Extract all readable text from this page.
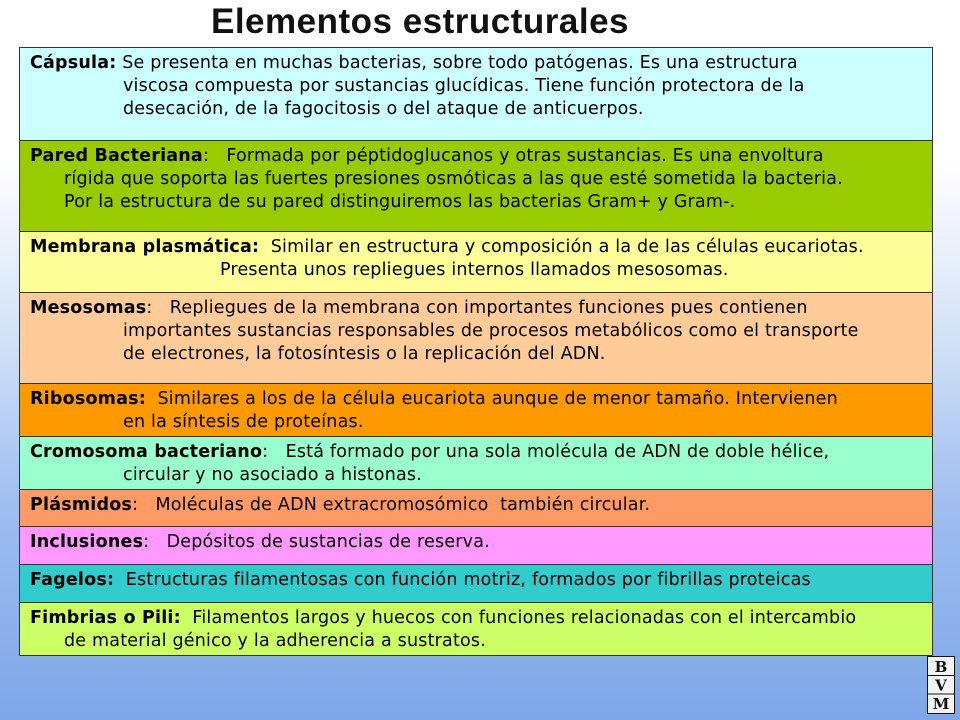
Elementos estructurales
Cápsula: Se presenta en muchas bacterias, sobre todo patógenas. Es una estructura
viscosa compuesta por sustancias glucídicas. Tiene función protectora de la
desecación, de la fagocitosis o del ataque de anticuerpos.
Pared Bacteriana:   Formada por péptidoglucanos y otras sustancias. Es una envoltura
rígida que soporta las fuertes presiones osmóticas a las que esté sometida la bacteria.
Por la estructura de su pared distinguiremos las bacterias Gram+ y Gram-.
Membrana plasmática:  Similar en estructura y composición a la de las células eucariotas.
Presenta unos repliegues internos llamados mesosomas.
Mesosomas:   Repliegues de la membrana con importantes funciones pues contienen
importantes sustancias responsables de procesos metabólicos como el transporte
de electrones, la fotosíntesis o la replicación del ADN.
Ribosomas:  Similares a los de la célula eucariota aunque de menor tamaño. Intervienen
en la síntesis de proteínas.
Cromosoma bacteriano:   Está formado por una sola molécula de ADN de doble hélice,
circular y no asociado a histonas.
Plásmidos:   Moléculas de ADN extracromosómico  también circular.
Inclusiones:   Depósitos de sustancias de reserva.
Fagelos:  Estructuras filamentosas con función motriz, formados por fibrillas proteicas
Fimbrias o Pili:  Filamentos largos y huecos con funciones relacionadas con el intercambio
de material génico y la adherencia a sustratos.
B
V
M
